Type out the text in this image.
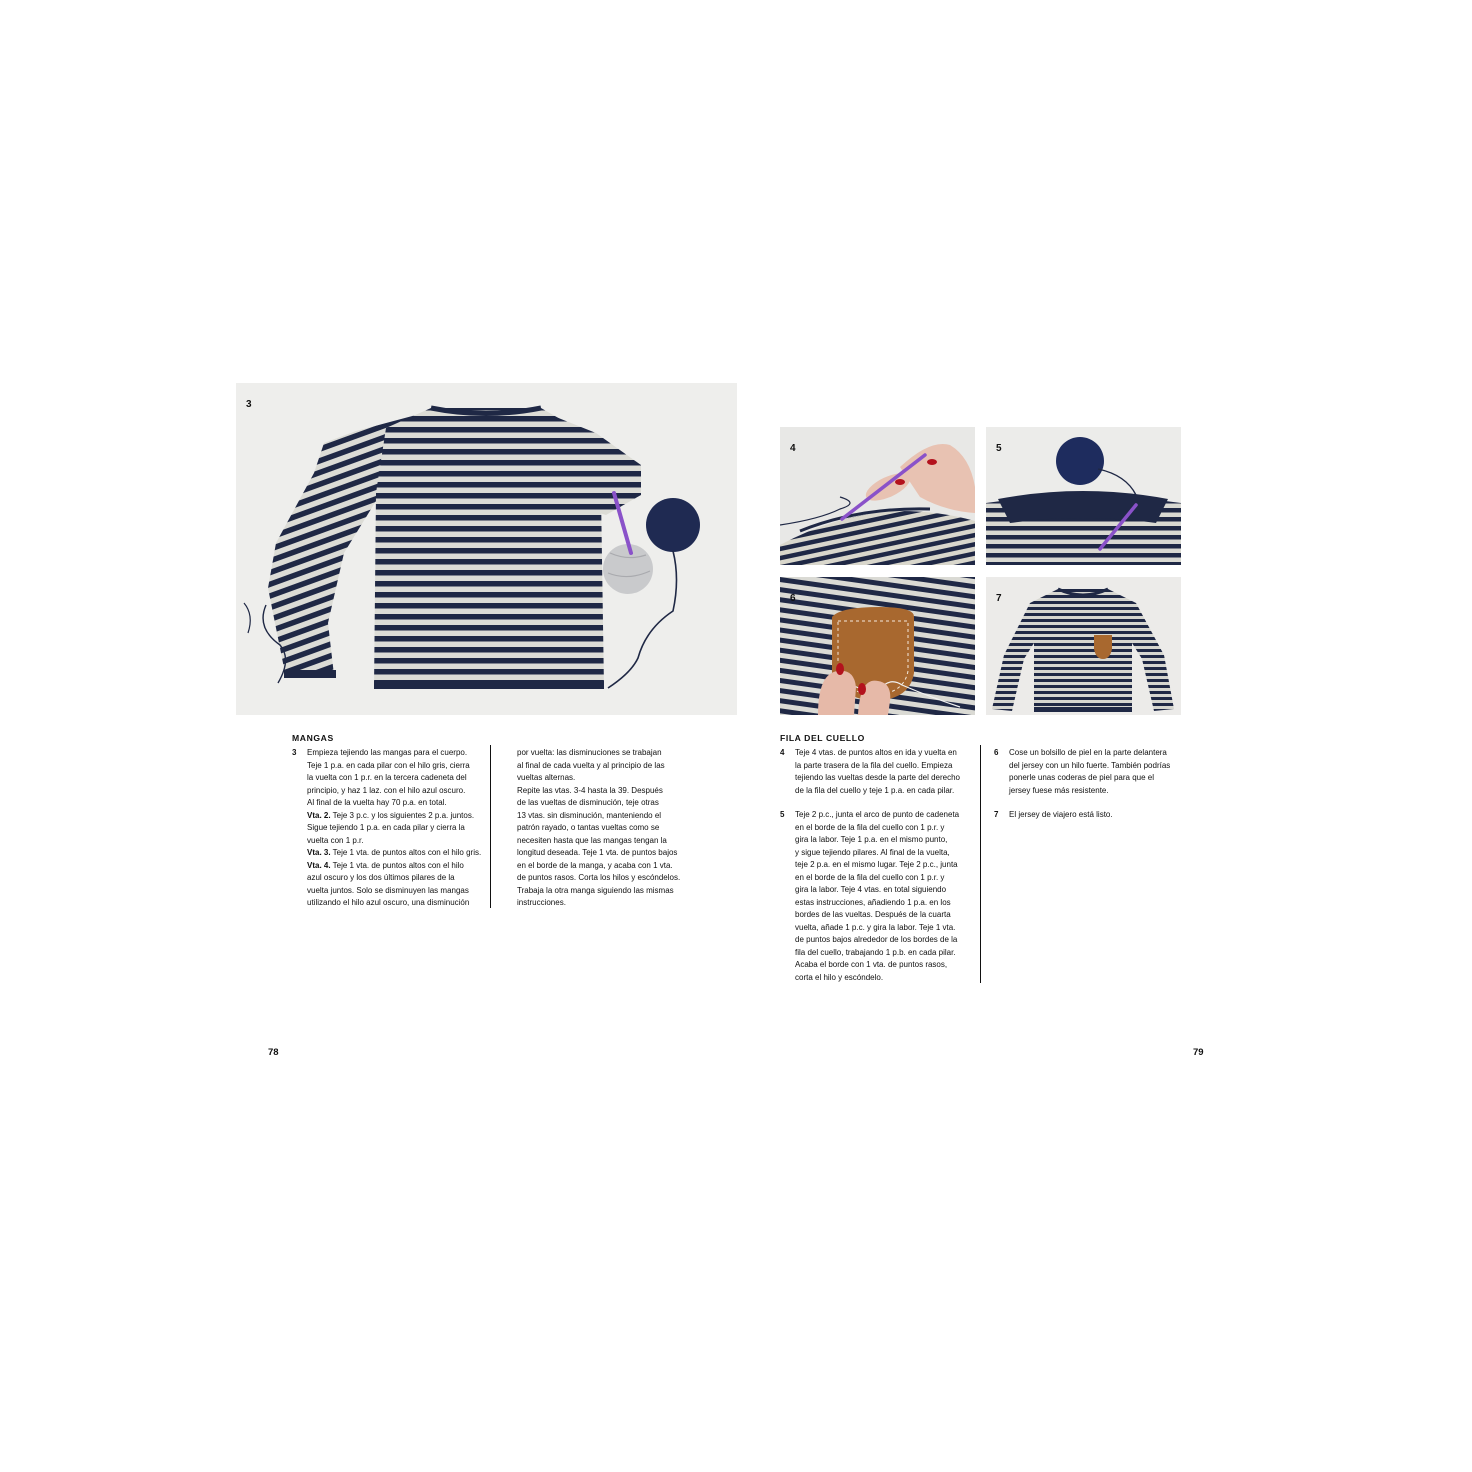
3
4	5
6	7
MANGAS
3 Empieza tejiendo las mangas para el cuerpo.
Teje 1 p.a. en cada pilar con el hilo gris, cierra
la vuelta con 1 p.r. en la tercera cadeneta del
principio, y haz 1 laz. con el hilo azul oscuro.
Al final de la vuelta hay 70 p.a. en total.
Vta. 2. Teje 3 p.c. y los siguientes 2 p.a. juntos.
Sigue tejiendo 1 p.a. en cada pilar y cierra la
vuelta con 1 p.r.
Vta. 3. Teje 1 vta. de puntos altos con el hilo gris.
Vta. 4. Teje 1 vta. de puntos altos con el hilo
azul oscuro y los dos últimos pilares de la
vuelta juntos. Solo se disminuyen las mangas
utilizando el hilo azul oscuro, una disminución
por vuelta: las disminuciones se trabajan
al final de cada vuelta y al principio de las
vueltas alternas.
Repite las vtas. 3-4 hasta la 39. Después
de las vueltas de disminución, teje otras
13 vtas. sin disminución, manteniendo el
patrón rayado, o tantas vueltas como se
necesiten hasta que las mangas tengan la
longitud deseada. Teje 1 vta. de puntos bajos
en el borde de la manga, y acaba con 1 vta.
de puntos rasos. Corta los hilos y escóndelos.
Trabaja la otra manga siguiendo las mismas
instrucciones.
FILA DEL CUELLO
4 Teje 4 vtas. de puntos altos en ida y vuelta en
la parte trasera de la fila del cuello. Empieza
tejiendo las vueltas desde la parte del derecho
de la fila del cuello y teje 1 p.a. en cada pilar.
5 Teje 2 p.c., junta el arco de punto de cadeneta
en el borde de la fila del cuello con 1 p.r. y
gira la labor. Teje 1 p.a. en el mismo punto,
y sigue tejiendo pilares. Al final de la vuelta,
teje 2 p.a. en el mismo lugar. Teje 2 p.c., junta
en el borde de la fila del cuello con 1 p.r. y
gira la labor. Teje 4 vtas. en total siguiendo
estas instrucciones, añadiendo 1 p.a. en los
bordes de las vueltas. Después de la cuarta
vuelta, añade 1 p.c. y gira la labor. Teje 1 vta.
de puntos bajos alrededor de los bordes de la
fila del cuello, trabajando 1 p.b. en cada pilar.
Acaba el borde con 1 vta. de puntos rasos,
corta el hilo y escóndelo.
6 Cose un bolsillo de piel en la parte delantera
del jersey con un hilo fuerte. También podrías
ponerle unas coderas de piel para que el
jersey fuese más resistente.
7 El jersey de viajero está listo.
78	79
